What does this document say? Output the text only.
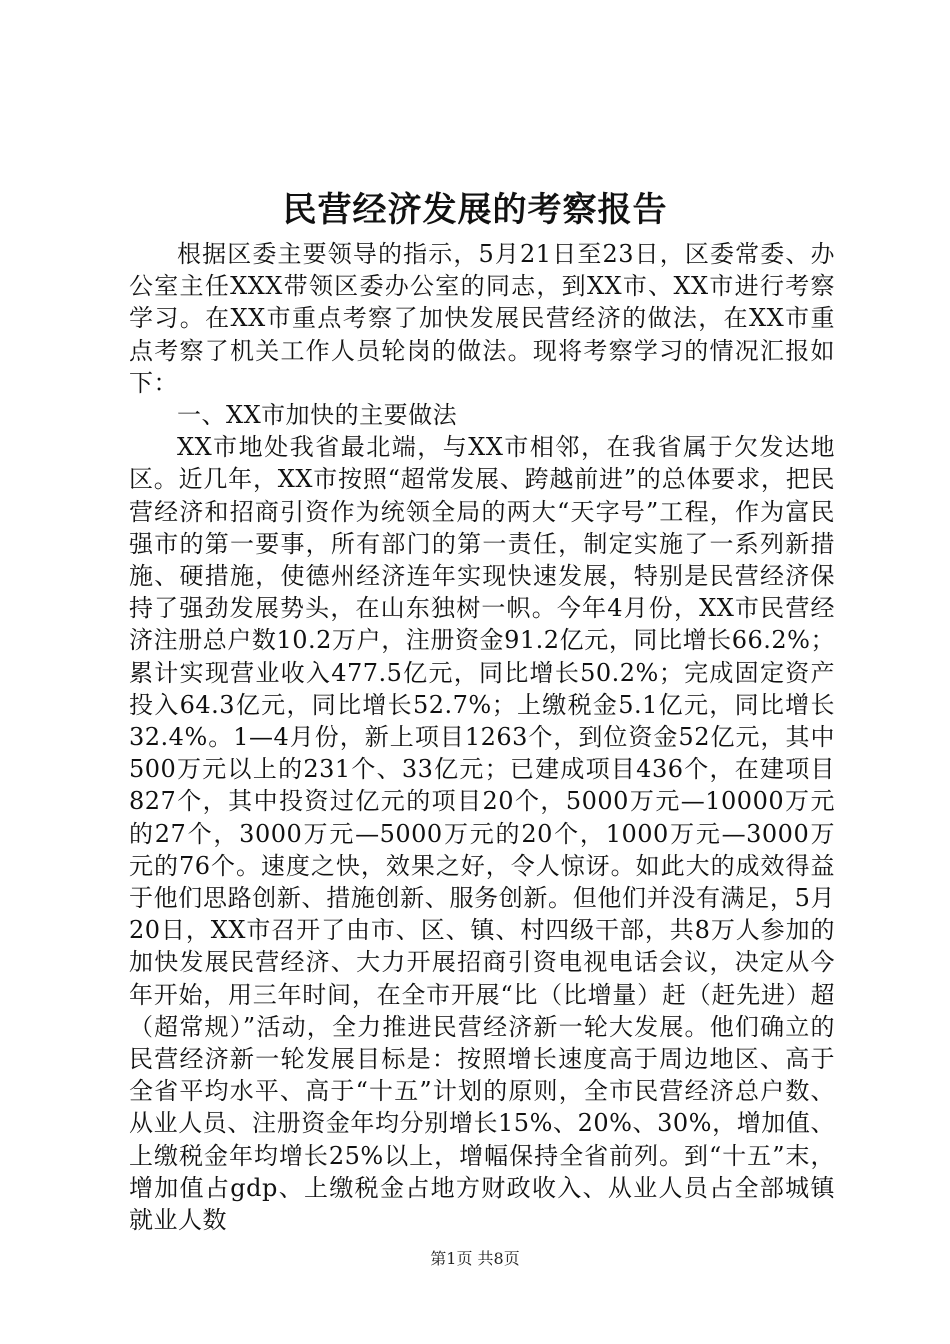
民营经济发展的考察报告

根据区委主要领导的指示，5月21日至23日，区委常委、办公室主任XXX带领区委办公室的同志，到XX市、XX市进行考察学习。在XX市重点考察了加快发展民营经济的做法，在XX市重点考察了机关工作人员轮岗的做法。现将考察学习的情况汇报如下：

一、XX市加快的主要做法

XX市地处我省最北端，与XX市相邻，在我省属于欠发达地区。近几年，XX市按照“超常发展、跨越前进”的总体要求，把民营经济和招商引资作为统领全局的两大“天字号”工程，作为富民强市的第一要事，所有部门的第一责任，制定实施了一系列新措施、硬措施，使德州经济连年实现快速发展，特别是民营经济保持了强劲发展势头，在山东独树一帜。今年4月份，XX市民营经济注册总户数10.2万户，注册资金91.2亿元，同比增长66.2%；累计实现营业收入477.5亿元，同比增长50.2%；完成固定资产投入64.3亿元，同比增长52.7%；上缴税金5.1亿元，同比增长32.4%。1—4月份，新上项目1263个，到位资金52亿元，其中500万元以上的231个、33亿元；已建成项目436个，在建项目827个，其中投资过亿元的项目20个，5000万元—10000万元的27个，3000万元—5000万元的20个，1000万元—3000万元的76个。速度之快，效果之好，令人惊讶。如此大的成效得益于他们思路创新、措施创新、服务创新。但他们并没有满足，5月20日，XX市召开了由市、区、镇、村四级干部，共8万人参加的加快发展民营经济、大力开展招商引资电视电话会议，决定从今年开始，用三年时间，在全市开展“比（比增量）赶（赶先进）超（超常规）”活动，全力推进民营经济新一轮大发展。他们确立的民营经济新一轮发展目标是：按照增长速度高于周边地区、高于全省平均水平、高于“十五”计划的原则，全市民营经济总户数、从业人员、注册资金年均分别增长15%、20%、30%，增加值、上缴税金年均增长25%以上，增幅保持全省前列。到“十五”末，增加值占gdp、上缴税金占地方财政收入、从业人员占全部城镇就业人数

第1页 共8页
